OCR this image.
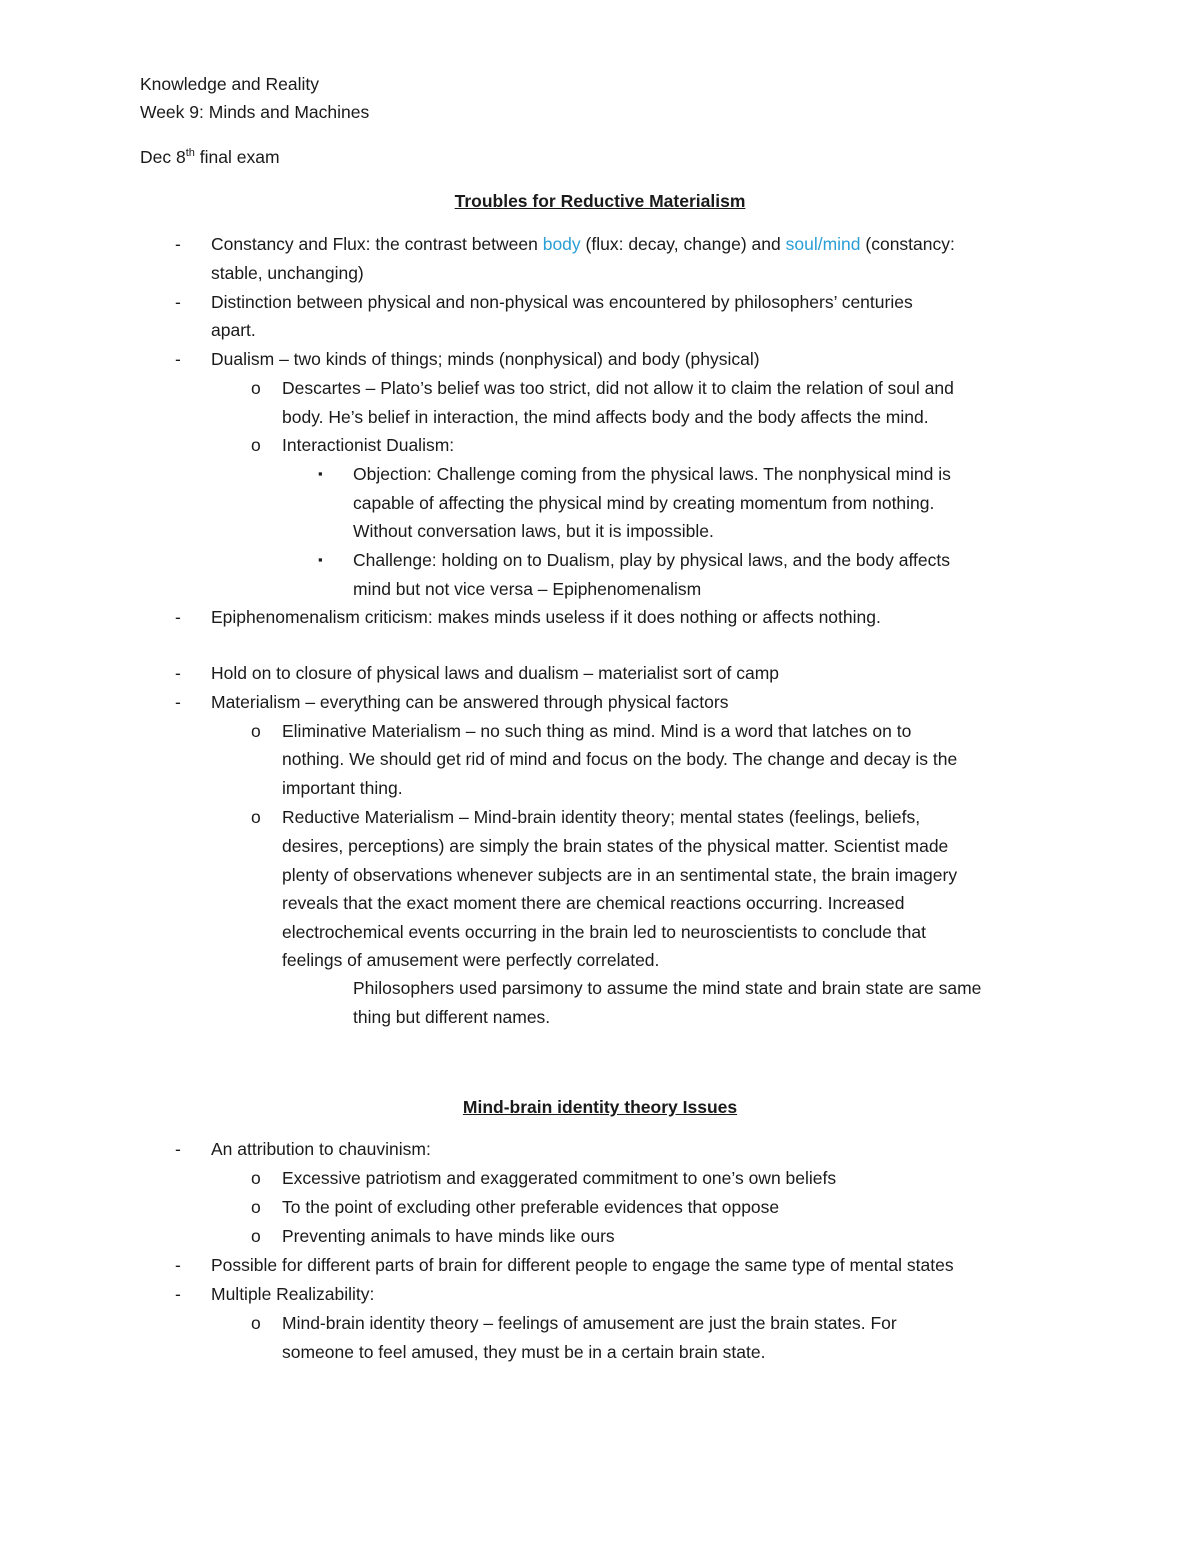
Knowledge and Reality
Week 9: Minds and Machines
Dec 8th final exam
Troubles for Reductive Materialism
- Constancy and Flux: the contrast between body (flux: decay, change) and soul/mind (constancy:
stable, unchanging)
- Distinction between physical and non-physical was encountered by philosophers’ centuries
apart.
- Dualism – two kinds of things; minds (nonphysical) and body (physical)
o Descartes – Plato’s belief was too strict, did not allow it to claim the relation of soul and
body. He’s belief in interaction, the mind affects body and the body affects the mind.
o Interactionist Dualism:
▪ Objection: Challenge coming from the physical laws. The nonphysical mind is
capable of affecting the physical mind by creating momentum from nothing.
Without conversation laws, but it is impossible.
▪ Challenge: holding on to Dualism, play by physical laws, and the body affects
mind but not vice versa – Epiphenomenalism
- Epiphenomenalism criticism: makes minds useless if it does nothing or affects nothing.
- Hold on to closure of physical laws and dualism – materialist sort of camp
- Materialism – everything can be answered through physical factors
o Eliminative Materialism – no such thing as mind. Mind is a word that latches on to
nothing. We should get rid of mind and focus on the body. The change and decay is the
important thing.
o Reductive Materialism – Mind-brain identity theory; mental states (feelings, beliefs,
desires, perceptions) are simply the brain states of the physical matter. Scientist made
plenty of observations whenever subjects are in an sentimental state, the brain imagery
reveals that the exact moment there are chemical reactions occurring. Increased
electrochemical events occurring in the brain led to neuroscientists to conclude that
feelings of amusement were perfectly correlated.
Philosophers used parsimony to assume the mind state and brain state are same
thing but different names.
Mind-brain identity theory Issues
- An attribution to chauvinism:
o Excessive patriotism and exaggerated commitment to one’s own beliefs
o To the point of excluding other preferable evidences that oppose
o Preventing animals to have minds like ours
- Possible for different parts of brain for different people to engage the same type of mental states
- Multiple Realizability:
o Mind-brain identity theory – feelings of amusement are just the brain states. For
someone to feel amused, they must be in a certain brain state.
